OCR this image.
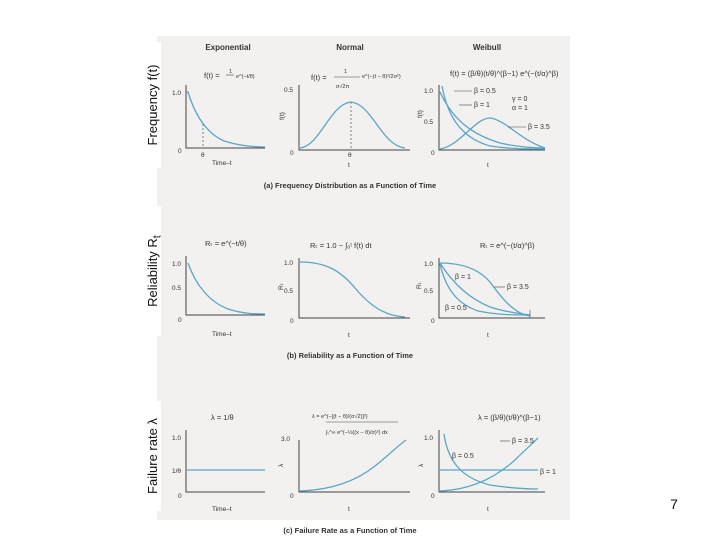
Exponential	Normal	Weibull
f(t) = 1
e^(−t/θ)
1.0
0
θ
Time–t
f(t) =
1
σ√2π
e^(−(t − θ)²/2σ²)
0.5
0
f(t)
θ
t
f(t) = (β/θ)(t/θ)^(β−1) e^(−(t/α)^β)
1.0
0.5
0
f(t)
β = 0.5
β = 1
γ = 0
α = 1
β = 3.5
t
(a) Frequency Distribution as a Function of Time
Rₜ = e^(−t/θ)
1.0
0.5
0
Time–t
Rₜ = 1.0 − ∫₀ᵗ f(t) dt
1.0
0.5
0
Rₜ
t
Rₜ = e^(−(t/α)^β)
1.0
0.5
0
Rₜ
β = 1
β = 3.5
β = 0.5
t
(b) Reliability as a Function of Time
λ = 1/θ
1.0
1/θ
0
Time–t
λ = e^(−[(t − θ)/(σ√2)]²)
∫ₜ^∞ e^(−½((x − θ)/σ)²) dx
3.0
0
λ
t
λ = (β/θ)(t/θ)^(β−1)
1.0
0
λ
β = 3.5
β = 0.5
β = 1
t
(c) Failure Rate as a Function of Time
Frequency f(t)
Reliability $R_t$
Failure rate λ
7
